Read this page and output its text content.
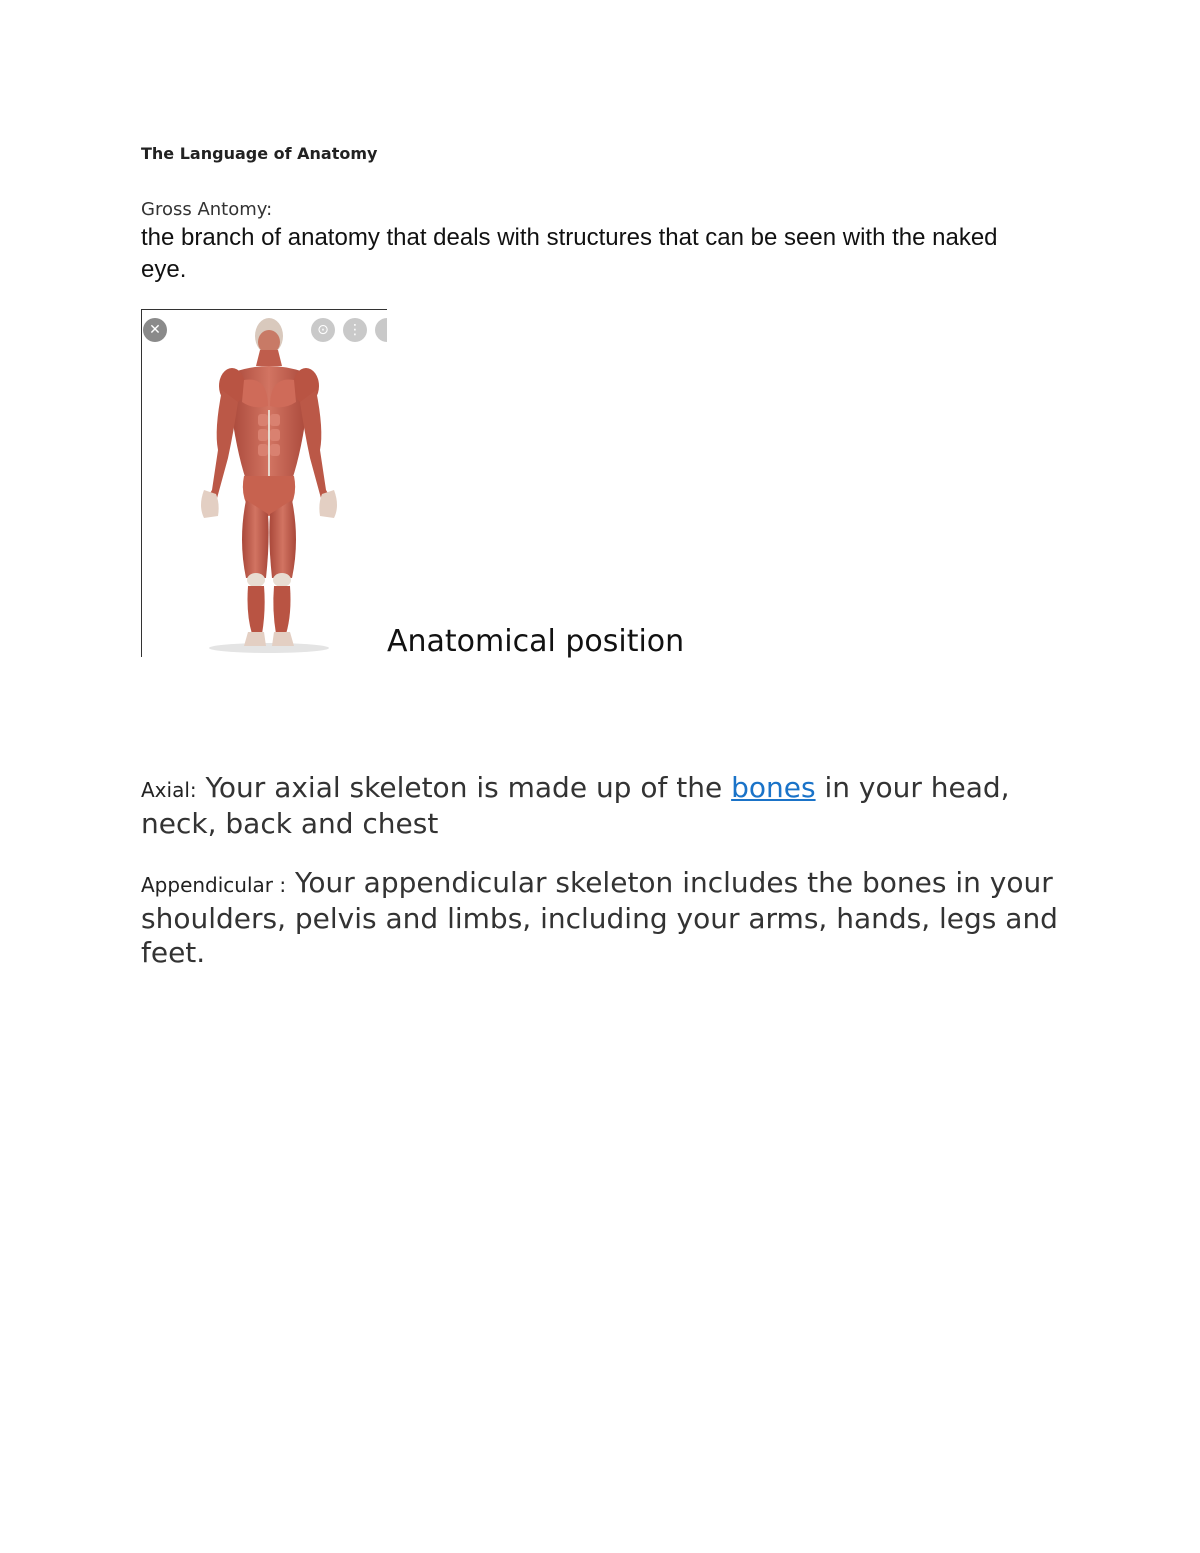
The Language of Anatomy
Gross Antomy:
the branch of anatomy that deals with structures that can be seen with the naked eye.
✕	⊙	⋮
Anatomical position
Axial: Your axial skeleton is made up of the bones in your head, neck, back and chest
Appendicular : Your appendicular skeleton includes the bones in your shoulders, pelvis and limbs, including your arms, hands, legs and feet.
